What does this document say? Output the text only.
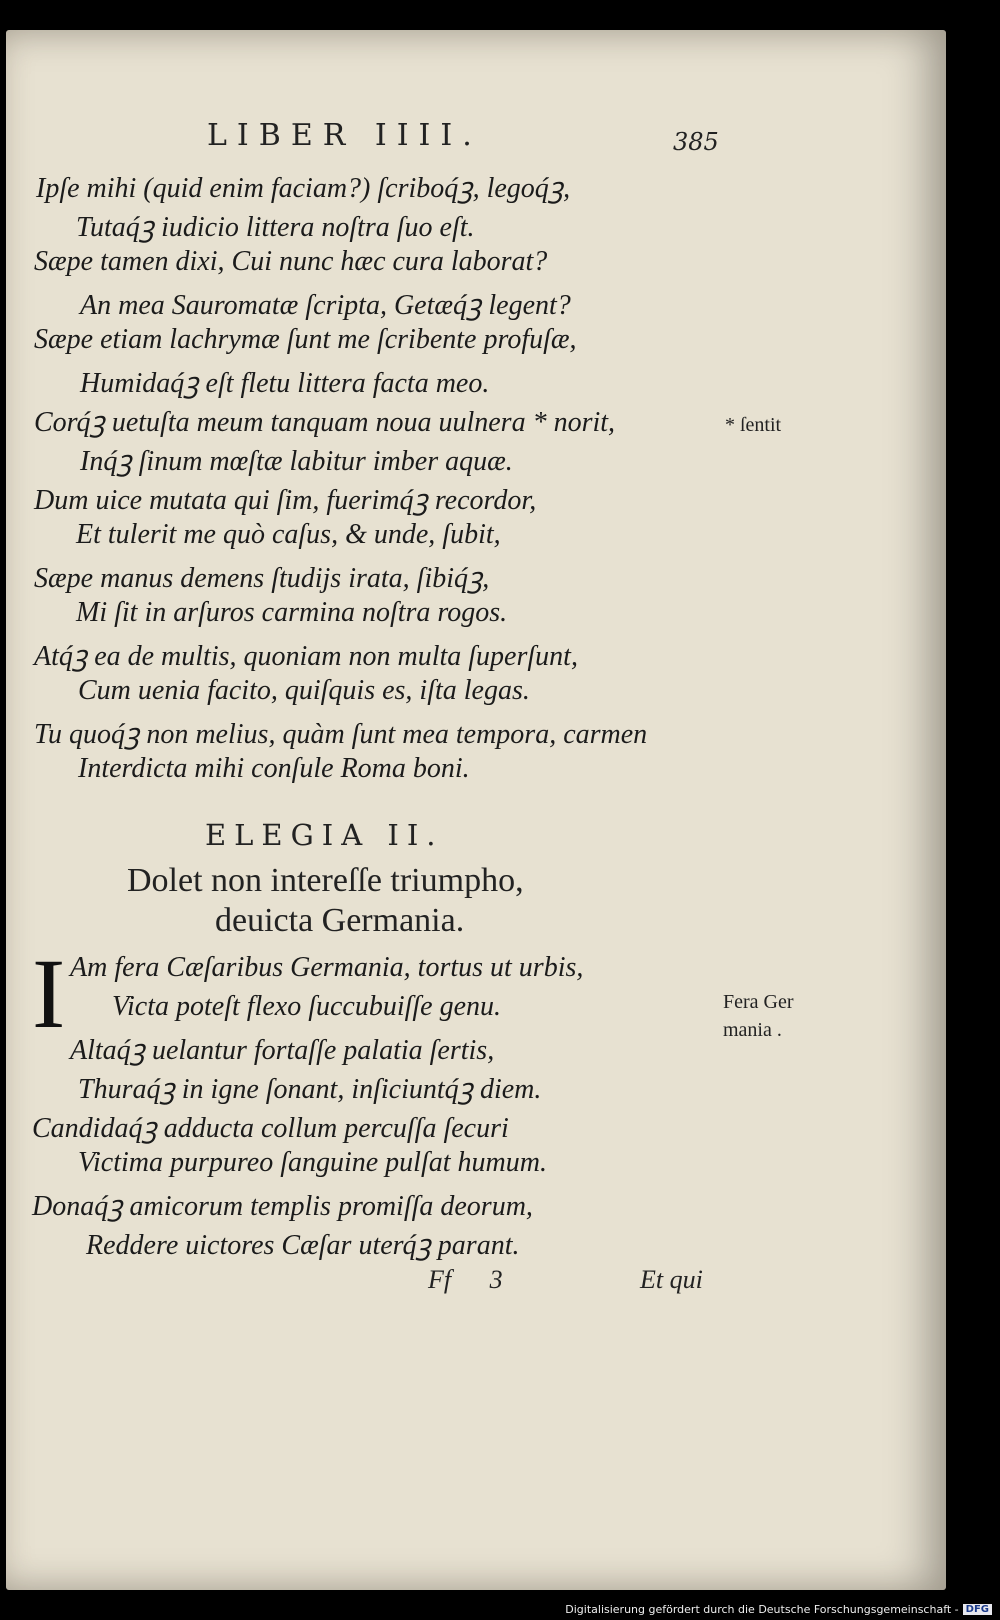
LIBER IIII.	385
Ipſe mihi (quid enim faciam?) ſcriboq́ꝫ, legoq́ꝫ,
Tutaq́ꝫ iudicio littera noſtra ſuo eſt.
Sæpe tamen dixi, Cui nunc hæc cura laborat?
An mea Sauromatæ ſcripta, Getæq́ꝫ legent?
Sæpe etiam lachrymæ ſunt me ſcribente profuſæ,
Humidaq́ꝫ eſt fletu littera facta meo.
Corq́ꝫ uetuſta meum tanquam noua uulnera * norit,
Inq́ꝫ ſinum mœſtæ labitur imber aquæ.
Dum uice mutata qui ſim, fuerimq́ꝫ recordor,
Et tulerit me quò caſus, & unde, ſubit,
Sæpe manus demens ſtudijs irata, ſibiq́ꝫ,
Mi ſit in arſuros carmina noſtra rogos.
Atq́ꝫ ea de multis, quoniam non multa ſuperſunt,
Cum uenia facito, quiſquis es, iſta legas.
Tu quoq́ꝫ non melius, quàm ſunt mea tempora, carmen
Interdicta mihi conſule Roma boni.
ELEGIA II.
Dolet non intereſſe triumpho,
deuicta Germania.
I Am fera Cæſaribus Germania, tortus ut urbis,
Victa poteſt flexo ſuccubuiſſe genu.
Altaq́ꝫ uelantur fortaſſe palatia ſertis,
Thuraq́ꝫ in igne ſonant, inſiciuntq́ꝫ diem.
Candidaq́ꝫ adducta collum percuſſa ſecuri
Victima purpureo ſanguine pulſat humum.
Donaq́ꝫ amicorum templis promiſſa deorum,
Reddere uictores Cæſar uterq́ꝫ parant.
* ſentit
Fera Ger
mania .
Ff 3	Et qui
Digitalisierung gefördert durch die Deutsche Forschungsgemeinschaft - DFG
